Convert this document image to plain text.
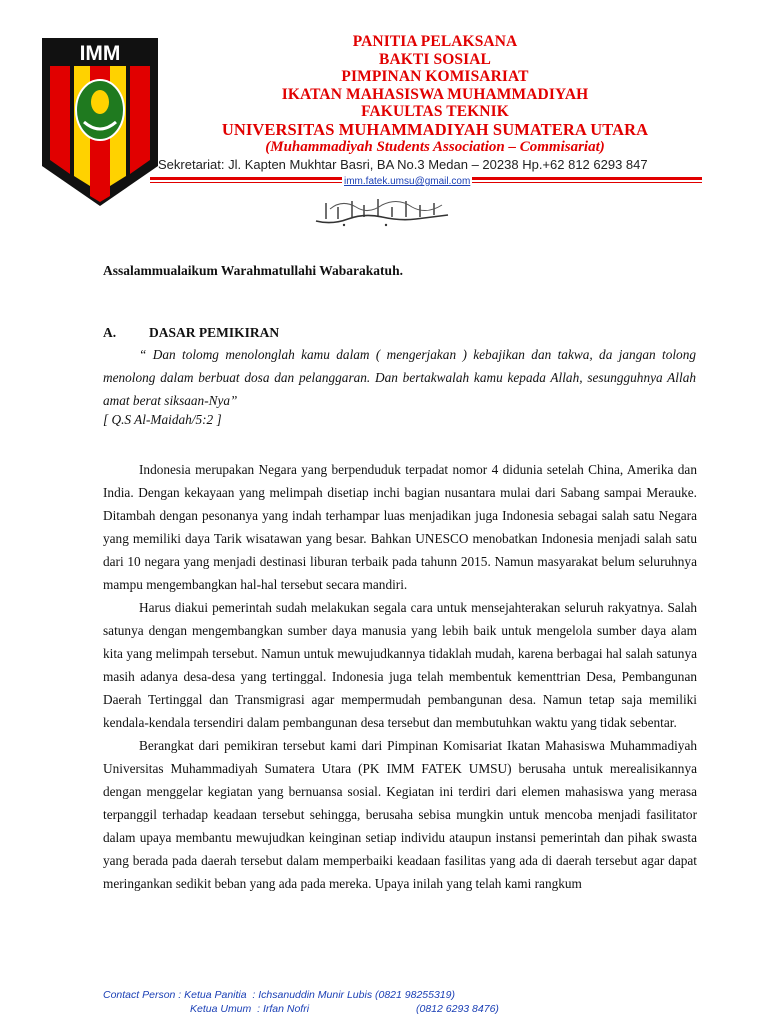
IMM
PANITIA PELAKSANA
BAKTI SOSIAL
PIMPINAN KOMISARIAT
IKATAN MAHASISWA MUHAMMADIYAH
FAKULTAS TEKNIK
UNIVERSITAS MUHAMMADIYAH SUMATERA UTARA
(Muhammadiyah Students Association – Commisariat)
Sekretariat: Jl. Kapten Mukhtar Basri, BA No.3 Medan – 20238 Hp.+62 812 6293 847
imm.fatek.umsu@gmail.com
Assalammualaikum Warahmatullahi Wabarakatuh.
A. DASAR PEMIKIRAN
“ Dan tolomg menolonglah kamu dalam ( mengerjakan ) kebajikan dan takwa, da jangan tolong menolong dalam berbuat dosa dan pelanggaran. Dan bertakwalah kamu kepada Allah, sesungguhnya Allah amat berat siksaan-Nya”
[ Q.S Al-Maidah/5:2 ]

Indonesia merupakan Negara yang berpenduduk terpadat nomor 4 didunia setelah China, Amerika dan India. Dengan kekayaan yang melimpah disetiap inchi bagian nusantara mulai dari Sabang sampai Merauke. Ditambah dengan pesonanya yang indah terhampar luas menjadikan juga Indonesia sebagai salah satu Negara yang memiliki daya Tarik wisatawan yang besar. Bahkan UNESCO menobatkan Indonesia menjadi salah satu dari 10 negara yang menjadi destinasi liburan terbaik pada tahunn 2015. Namun masyarakat belum seluruhnya mampu mengembangkan hal-hal tersebut secara mandiri.

Harus diakui pemerintah sudah melakukan segala cara untuk mensejahterakan seluruh rakyatnya. Salah satunya dengan mengembangkan sumber daya manusia yang lebih baik untuk mengelola sumber daya alam kita yang melimpah tersebut. Namun untuk mewujudkannya tidaklah mudah, karena berbagai hal salah satunya masih adanya desa-desa yang tertinggal. Indonesia juga telah membentuk kementtrian Desa, Pembangunan Daerah Tertinggal dan Transmigrasi agar mempermudah pembangunan desa. Namun tetap saja memiliki kendala-kendala tersendiri dalam pembangunan desa tersebut dan membutuhkan waktu yang tidak sebentar.

Berangkat dari pemikiran tersebut kami dari Pimpinan Komisariat Ikatan Mahasiswa Muhammadiyah Universitas Muhammadiyah Sumatera Utara (PK IMM FATEK UMSU) berusaha untuk merealisikannya dengan menggelar kegiatan yang bernuansa sosial. Kegiatan ini terdiri dari elemen mahasiswa yang merasa terpanggil terhadap keadaan tersebut sehingga, berusaha sebisa mungkin untuk mencoba menjadi fasilitator dalam upaya membantu mewujudkan keinginan setiap individu ataupun instansi pemerintah dan pihak swasta yang berada pada daerah tersebut dalam memperbaiki keadaan fasilitas yang ada di daerah tersebut agar dapat meringankan sedikit beban yang ada pada mereka. Upaya inilah yang telah kami rangkum

Contact Person : Ketua Panitia  : Ichsanuddin Munir Lubis (0821 98255319)
Ketua Umum  : Irfan Nofri	(0812 6293 8476)
